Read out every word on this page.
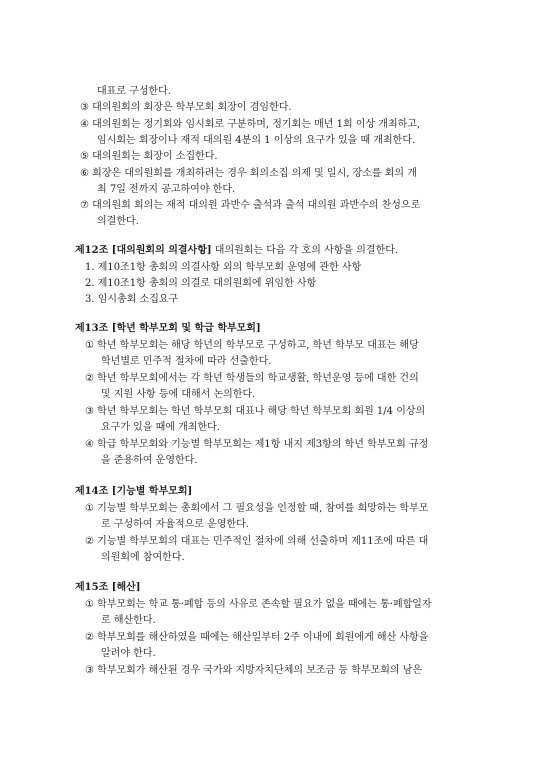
대표로 구성한다.
③ 대의원회의 회장은 학부모회 회장이 겸임한다.
④ 대의원회는 정기회와 임시회로 구분하며, 정기회는 매년 1회 이상 개최하고,
임시회는 회장이나 재적 대의원 4분의 1 이상의 요구가 있을 때 개최한다.
⑤ 대의원회는 회장이 소집한다.
⑥ 회장은 대의원회를 개최하려는 경우 회의소집 의제 및 일시, 장소를 회의 개
최 7일 전까지 공고하여야 한다.
⑦ 대의원회 회의는 재적 대의원 과반수 출석과 출석 대의원 과반수의 찬성으로
의결한다.
제12조 [대의원회의 의결사항] 대의원회는 다음 각 호의 사항을 의결한다.
1. 제10조1항 총회의 의결사항 외의 학부모회 운영에 관한 사항
2. 제10조1항 총회의 의결로 대의원회에 위임한 사항
3. 임시총회 소집요구
제13조 [학년 학부모회 및 학급 학부모회]
① 학년 학부모회는 해당 학년의 학부모로 구성하고, 학년 학부모 대표는 해당
학년별로 민주적 절차에 따라 선출한다.
② 학년 학부모회에서는 각 학년 학생들의 학교생활, 학년운영 등에 대한 건의
및 지원 사항 등에 대해서 논의한다.
③ 학년 학부모회는 학년 학부모회 대표나 해당 학년 학부모회 회원 1/4 이상의
요구가 있을 때에 개최한다.
④ 학급 학부모회와 기능별 학부모회는 제1항 내지 제3항의 학년 학부모회 규정
을 준용하여 운영한다.
제14조 [기능별 학부모회]
① 기능별 학부모회는 총회에서 그 필요성을 인정할 때, 참여를 희망하는 학부모
로 구성하여 자율적으로 운영한다.
② 기능별 학부모회의 대표는 민주적인 절차에 의해 선출하며 제11조에 따른 대
의원회에 참여한다.
제15조 [해산]
① 학부모회는 학교 통·폐합 등의 사유로 존속할 필요가 없을 때에는 통·폐합일자
로 해산한다.
② 학부모회를 해산하였을 때에는 해산일부터 2주 이내에 회원에게 해산 사항을
알려야 한다.
③ 학부모회가 해산된 경우 국가와 지방자치단체의 보조금 등 학부모회의 남은
